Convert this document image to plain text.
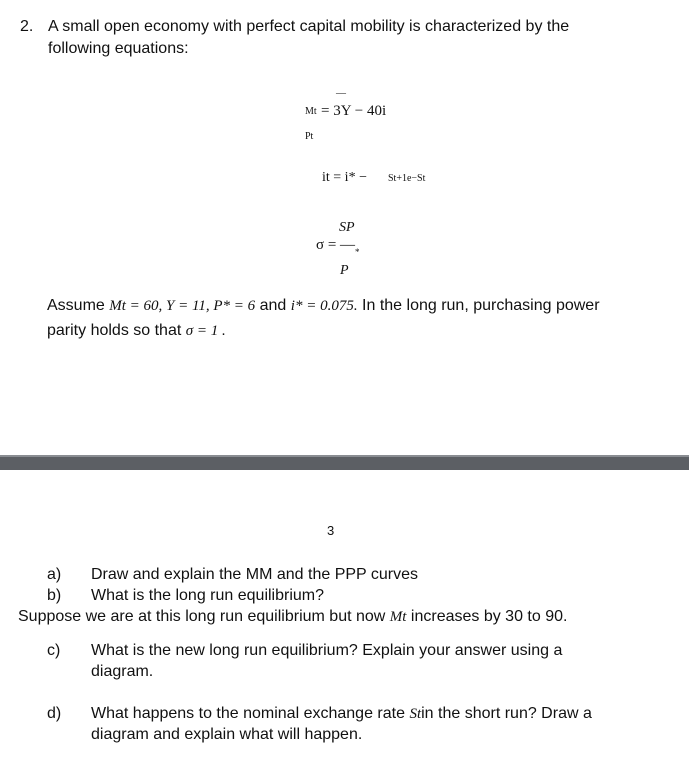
2. A small open economy with perfect capital mobility is characterized by the
following equations:
—
Mt = 3Y − 40i
Pt
it = i* − St+1e−St
SP
σ = — *
P
Assume Mt = 60, Y = 11, P* = 6 and i* = 0.075. In the long run, purchasing power
parity holds so that σ = 1 .
3
a) Draw and explain the MM and the PPP curves
b) What is the long run equilibrium?
Suppose we are at this long run equilibrium but now Mt increases by 30 to 90.
c) What is the new long run equilibrium? Explain your answer using a
diagram.
d) What happens to the nominal exchange rate Stin the short run? Draw a
diagram and explain what will happen.
